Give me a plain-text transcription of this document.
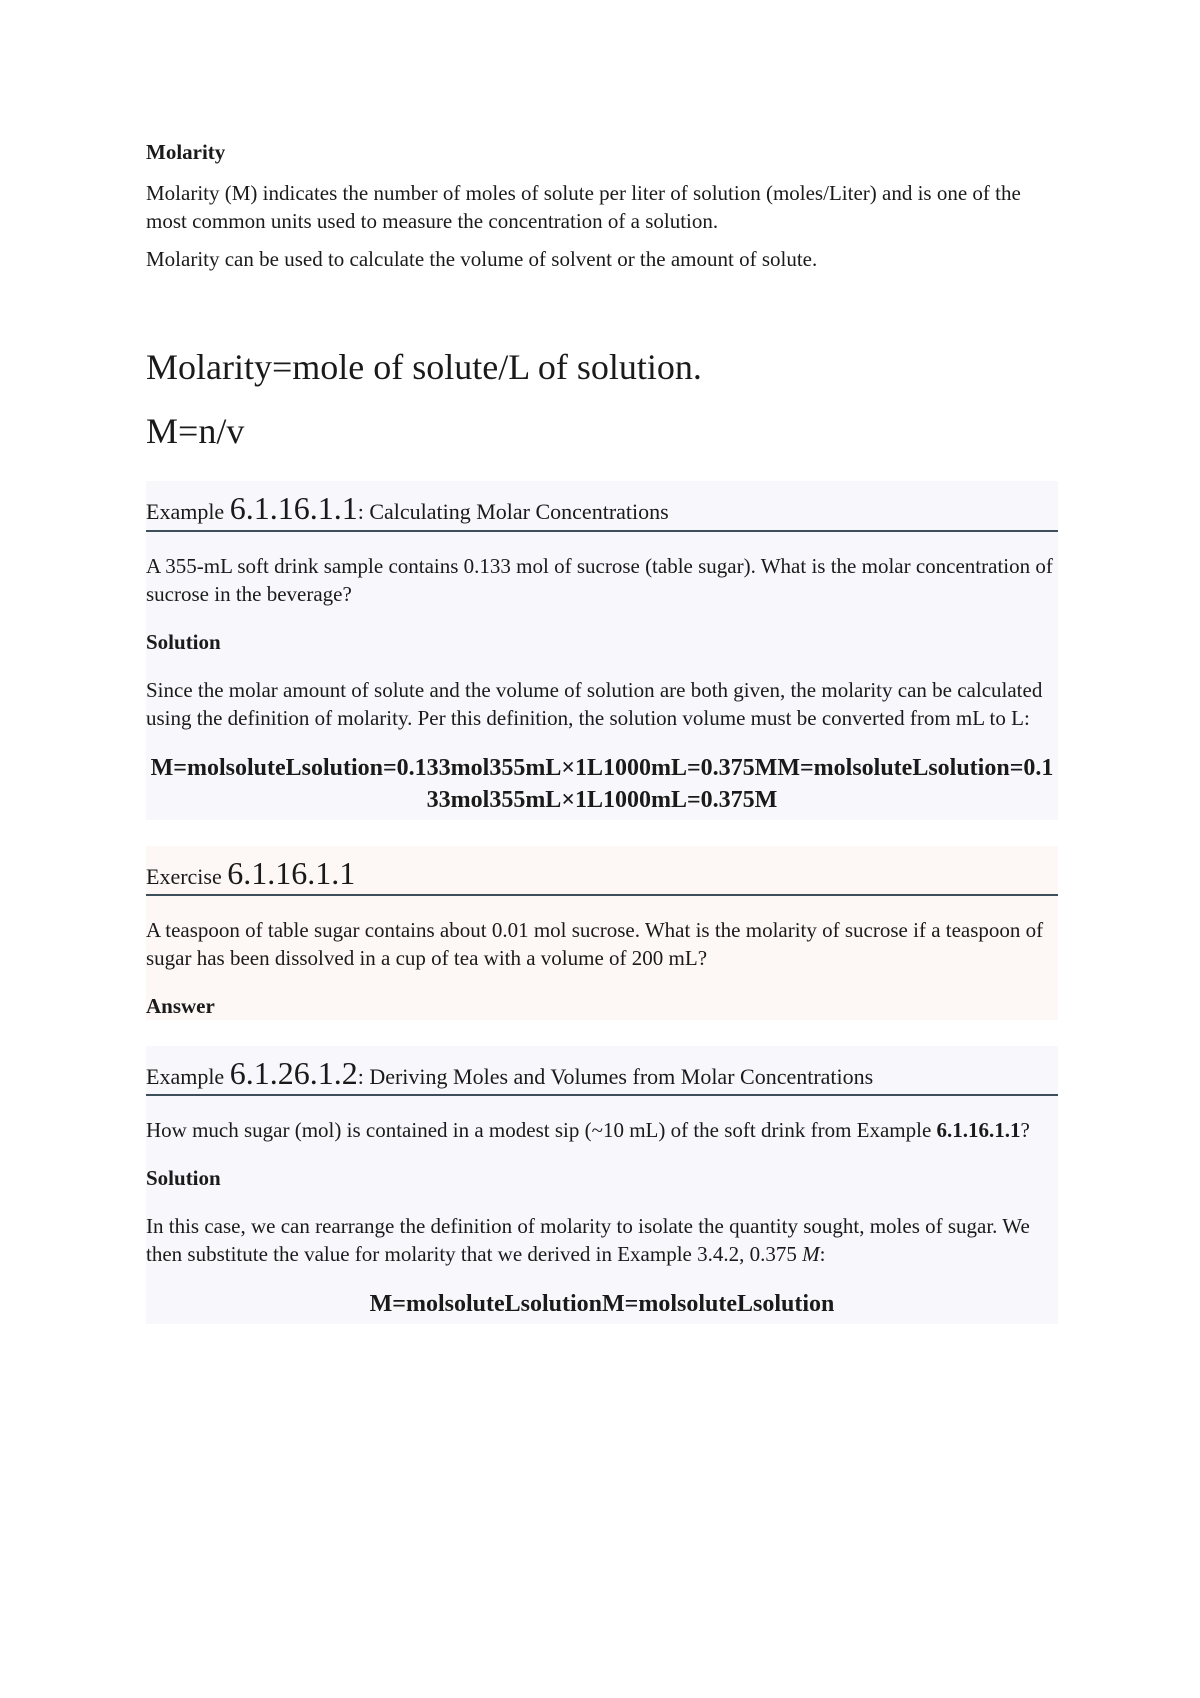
Molarity

Molarity (M) indicates the number of moles of solute per liter of solution (moles/Liter) and is one of the most common units used to measure the concentration of a solution.

Molarity can be used to calculate the volume of solvent or the amount of solute.

Molarity=mole of solute/L of solution.
M=n/v
Example 6.1.16.1.1: Calculating Molar Concentrations

A 355-mL soft drink sample contains 0.133 mol of sucrose (table sugar). What is the molar concentration of sucrose in the beverage?

Solution

Since the molar amount of solute and the volume of solution are both given, the molarity can be calculated using the definition of molarity. Per this definition, the solution volume must be converted from mL to L:

M=molsoluteLsolution=0.133mol355mL×1L1000mL=0.375MM=molsoluteLsolution=0.133mol355mL×1L1000mL=0.375M
Exercise 6.1.16.1.1

A teaspoon of table sugar contains about 0.01 mol sucrose. What is the molarity of sucrose if a teaspoon of sugar has been dissolved in a cup of tea with a volume of 200 mL?

Answer
Example 6.1.26.1.2: Deriving Moles and Volumes from Molar Concentrations

How much sugar (mol) is contained in a modest sip (~10 mL) of the soft drink from Example 6.1.16.1.1?

Solution

In this case, we can rearrange the definition of molarity to isolate the quantity sought, moles of sugar. We then substitute the value for molarity that we derived in Example 3.4.2, 0.375 M:

M=molsoluteLsolutionM=molsoluteLsolution
